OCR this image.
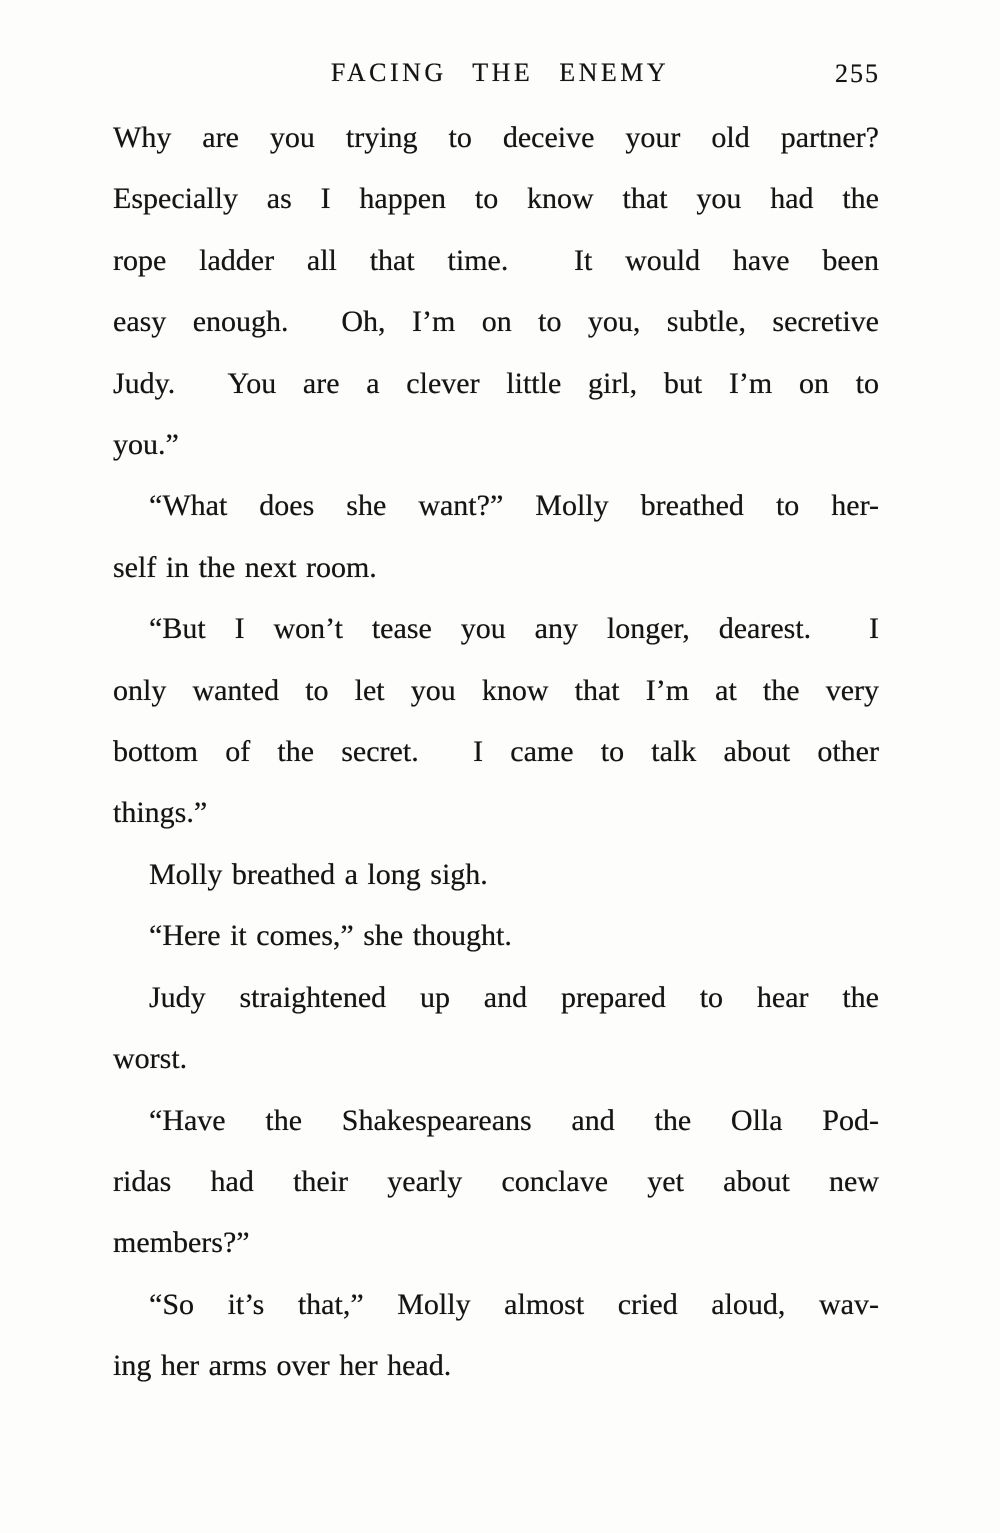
FACING THE ENEMY	255
Why are you trying to deceive your old partner?
Especially as I happen to know that you had the
rope ladder all that time.  It would have been
easy enough.  Oh, I’m on to you, subtle, secretive
Judy.  You are a clever little girl, but I’m on to
you.”
“What does she want?” Molly breathed to her-
self in the next room.
“But I won’t tease you any longer, dearest.  I
only wanted to let you know that I’m at the very
bottom of the secret.  I came to talk about other
things.”
Molly breathed a long sigh.
“Here it comes,” she thought.
Judy straightened up and prepared to hear the
worst.
“Have the Shakespeareans and the Olla Pod-
ridas had their yearly conclave yet about new
members?”
“So it’s that,” Molly almost cried aloud, wav-
ing her arms over her head.
